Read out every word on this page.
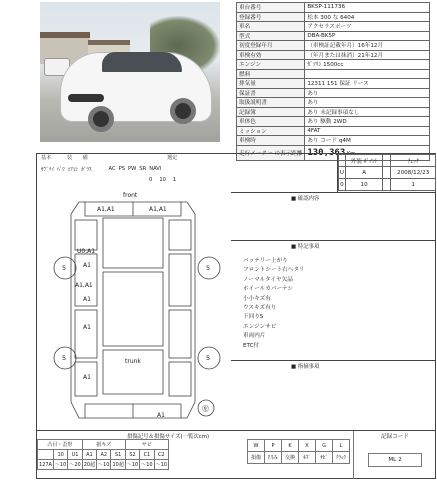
車台番号	BK5P-111736
登録番号	松本 300 な 6404
車名	アクセラスポーツ
型式	DBA-BK5P
初度登録年月	（車検証記載年月）16年12月
車検有効	（年月または抹消）21年12月
エンジン	ｶﾞｿﾘﾝ 1500cc
燃料	
排気量	12311 151 保証 リース
保証書	あり
取扱説明書	あり
記録簿	あり 未記録事項なし
車体色	あり 駆動 2WD
ミッション	4FAT
車検時	あり コード q4M
走行メーター の表示距離	130,363 Km
基本	装　　備	選定
ｻﾌﾞﾗｲ ﾊﾟﾜ ｴｱｺﾝ ｶﾞﾗｽ	AC PS PW SR NAVI
0 10 1
	外装 ﾎﾟｲﾝﾄ		ﾁｪｯｸ
U	A		2008/12/23
0	10		1
■ 確認内容
■ 特記事項
バッテリー上がり
フロントシート右ヘタリ
ノーマルタイヤ欠品
ホイールカバーナシ
小小キズ有
ウスキズ有り
下回りS
エンジンサビ
車両内片
ETC付
■ 指摘事項
front
A1,A1	A1,A1
U0,A1
A1
A1,A1
A1
A1
A1
A1
trunk
5	5
5	5
㊧
損傷記号＆損傷サイズ(一覧次cm)
凸目・歪形			損キズ			サビ		
	10	U1	A1	A2	S1	S2	C1	C2
127A	～10	～20	20超	～10	10超	～10	～10	～10
W	P	K	X	G	L
損傷	凹み	交換	ｷｽﾞ	ｻﾋﾞ	ｸﾗｯｸ
記録コード
ML 2
